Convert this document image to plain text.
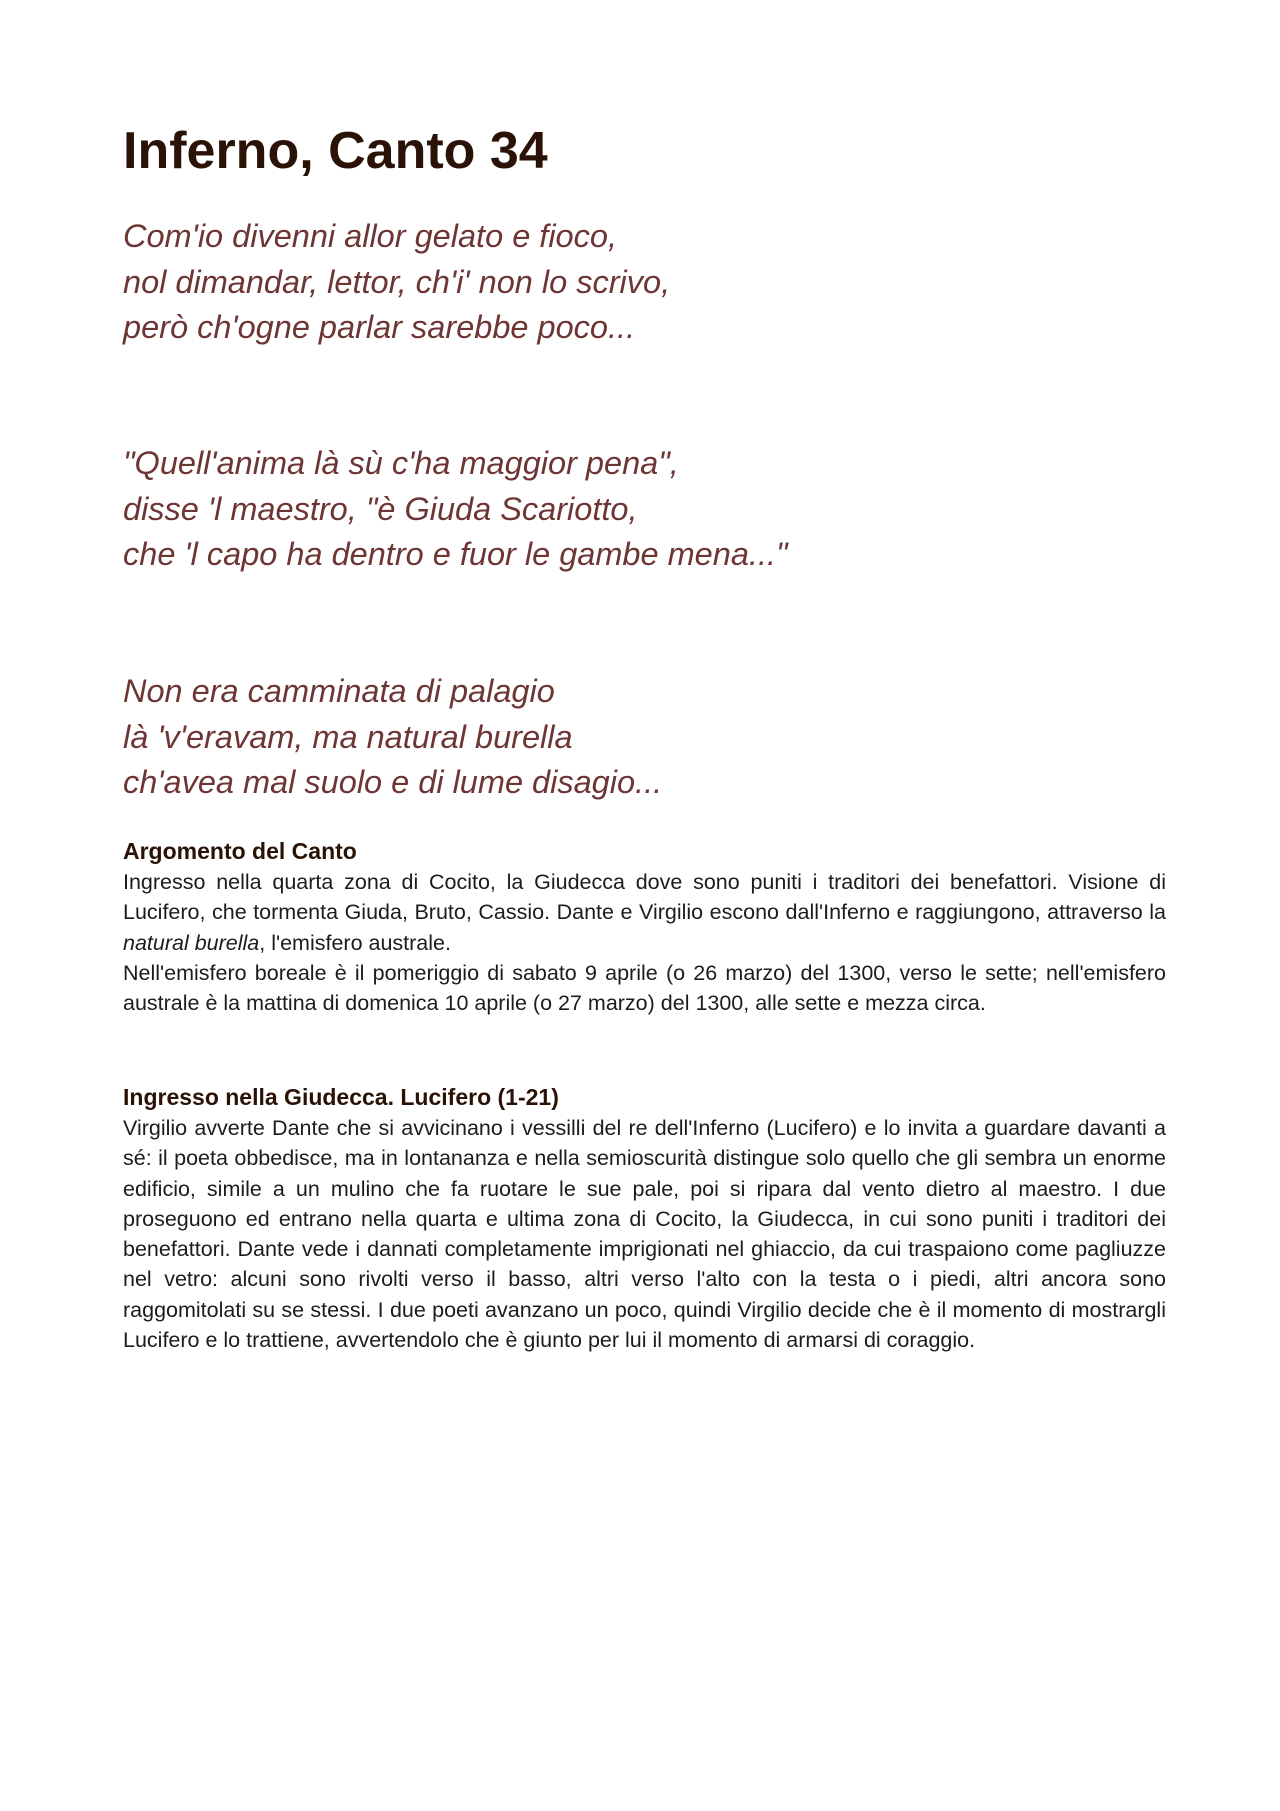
Inferno, Canto 34
Com'io divenni allor gelato e fioco,
nol dimandar, lettor, ch'i' non lo scrivo,
però ch'ogne parlar sarebbe poco...
"Quell'anima là sù c'ha maggior pena",
disse 'l maestro, "è Giuda Scariotto,
che 'l capo ha dentro e fuor le gambe mena..."
Non era camminata di palagio
là 'v'eravam, ma natural burella
ch'avea mal suolo e di lume disagio...
Argomento del Canto

Ingresso nella quarta zona di Cocito, la Giudecca dove sono puniti i traditori dei benefattori. Visione di Lucifero, che tormenta Giuda, Bruto, Cassio. Dante e Virgilio escono dall'Inferno e raggiungono, attraverso la natural burella, l'emisfero australe.

Nell'emisfero boreale è il pomeriggio di sabato 9 aprile (o 26 marzo) del 1300, verso le sette; nell'emisfero australe è la mattina di domenica 10 aprile (o 27 marzo) del 1300, alle sette e mezza circa.

Ingresso nella Giudecca. Lucifero (1-21)

Virgilio avverte Dante che si avvicinano i vessilli del re dell'Inferno (Lucifero) e lo invita a guardare davanti a sé: il poeta obbedisce, ma in lontananza e nella semioscurità distingue solo quello che gli sembra un enorme edificio, simile a un mulino che fa ruotare le sue pale, poi si ripara dal vento dietro al maestro. I due proseguono ed entrano nella quarta e ultima zona di Cocito, la Giudecca, in cui sono puniti i traditori dei benefattori. Dante vede i dannati completamente imprigionati nel ghiaccio, da cui traspaiono come pagliuzze nel vetro: alcuni sono rivolti verso il basso, altri verso l'alto con la testa o i piedi, altri ancora sono raggomitolati su se stessi. I due poeti avanzano un poco, quindi Virgilio decide che è il momento di mostrargli Lucifero e lo trattiene, avvertendolo che è giunto per lui il momento di armarsi di coraggio.
